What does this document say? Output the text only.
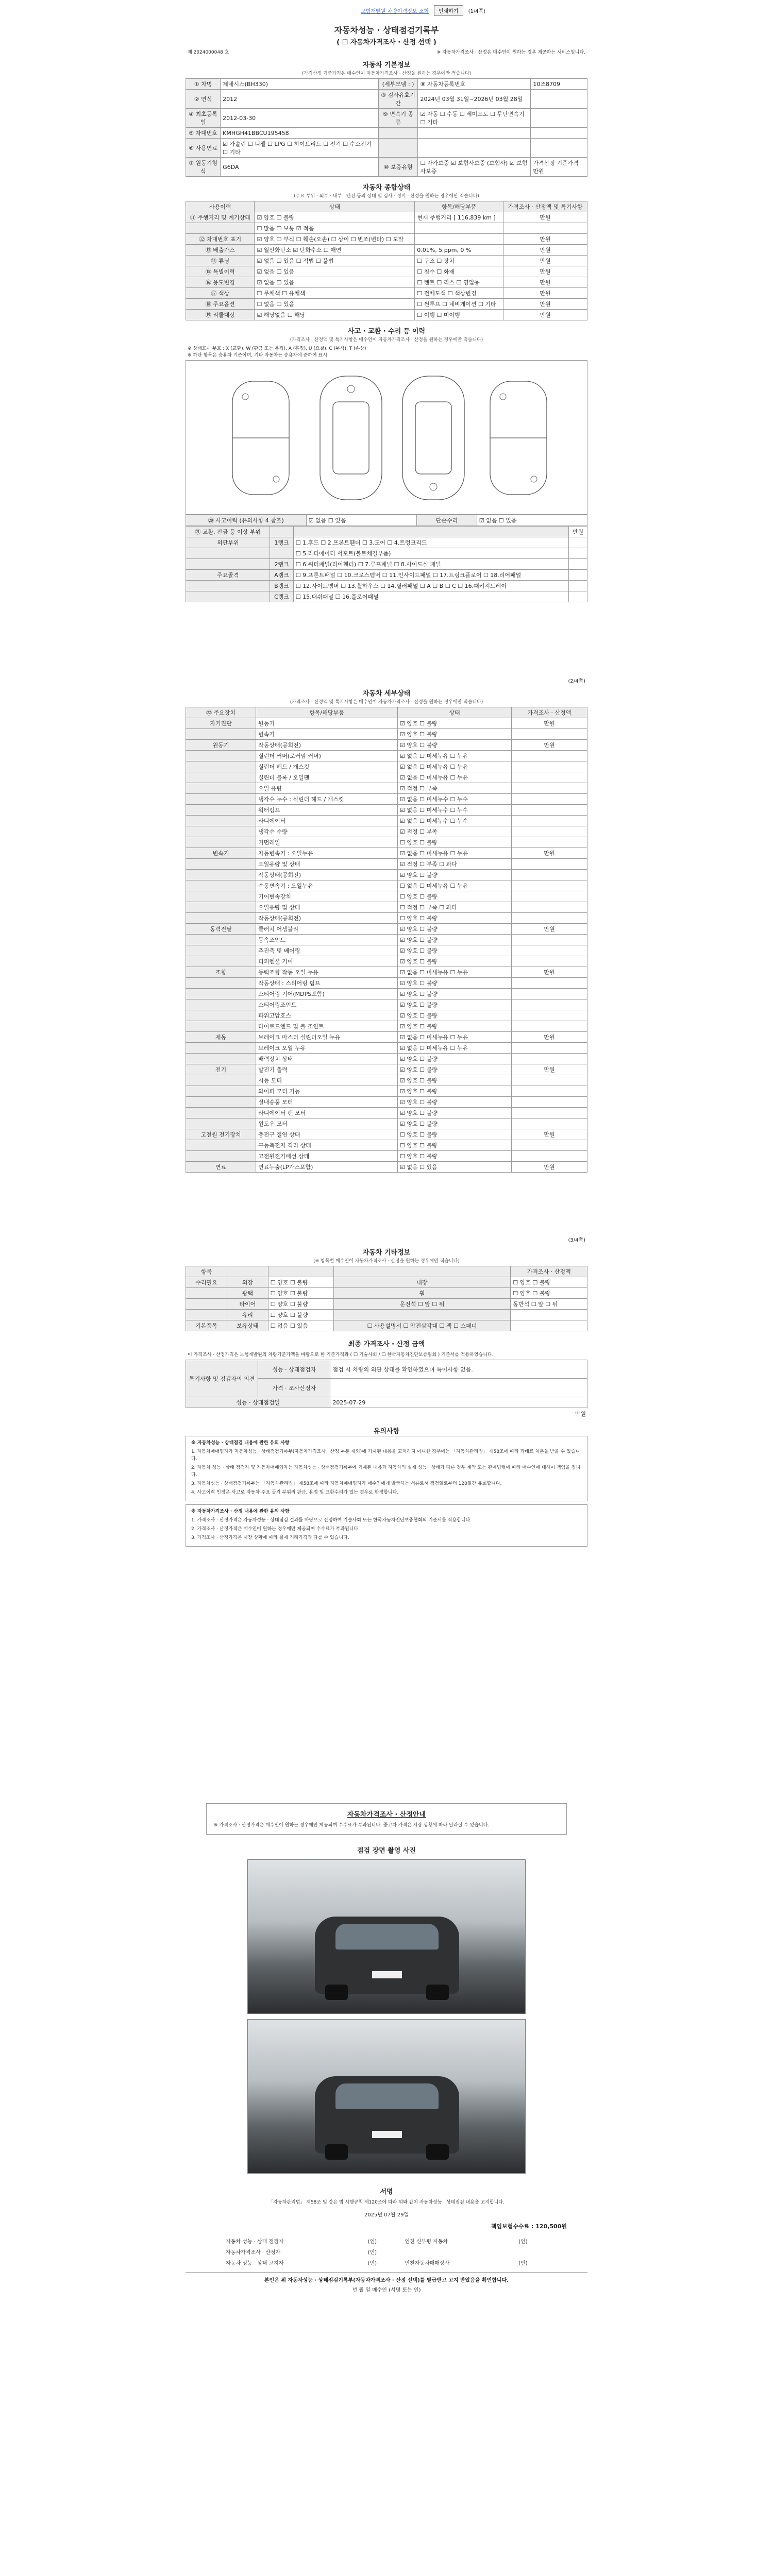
보험개발원 차량이력정보 조회	인쇄하기	(1/4쪽)
자동차성능 · 상태점검기록부
( ☐ 자동차가격조사 · 산정 선택 )
제 2024000048 호	※ 자동차가격조사 · 산정은 매수인이 원하는 경우 제공하는 서비스입니다.
자동차 기본정보
(가격산정 기준가격은 매수인이 자동차가격조사 · 산정을 원하는 경우에만 적습니다)
① 차명	제네시스(BH330)	(세부모델 : )	⑧ 자동차등록번호	10조8709
② 연식	2012	③ 검사유효기간	2024년 03월 31일~2026년 03월 28일	
④ 최초등록일	2012-03-30	⑨ 변속기 종류	☑ 자동 ☐ 수동 ☐ 세미오토 ☐ 무단변속기 ☐ 기타	
⑤ 차대번호	KMHGH41BBCU195458			
⑥ 사용연료	☑ 가솔린 ☐ 디젤 ☐ LPG ☐ 하이브리드 ☐ 전기 ☐ 수소전기 ☐ 기타			
⑦ 원동기형식	G6DA	⑩ 보증유형	☐ 자가보증 ☑ 보험사보증 (보험사) ☑ 보험사보증	가격산정 기준가격 만원
자동차 종합상태
(주요 부위 · 외부 · 내부 · 엔진 등의 상태 및 검사 · 정비 · 산정을 원하는 경우에만 적습니다)
사용이력	상태	항목/해당부품	가격조사 · 산정액 및 특기사항
⑪ 주행거리 및 계기상태	☑ 양호 ☐ 불량	현재 주행거리 [ 116,839 km ]	만원
	☐ 많음 ☐ 보통 ☑ 적음		
⑫ 차대번호 표기	☑ 양호 ☐ 부식 ☐ 훼손(오손) ☐ 상이 ☐ 변조(변타) ☐ 도말		만원
⑬ 배출가스	☑ 일산화탄소 ☑ 탄화수소 ☐ 매연	0.01%, 5 ppm, 0 %	만원
⑭ 튜닝	☑ 없음 ☐ 있음 ☐ 적법 ☐ 불법	☐ 구조 ☐ 장치	만원
⑮ 특별이력	☑ 없음 ☐ 있음	☐ 침수 ☐ 화재	만원
⑯ 용도변경	☑ 없음 ☐ 있음	☐ 렌트 ☐ 리스 ☐ 영업용	만원
⑰ 색상	☐ 무채색 ☐ 유채색	☐ 전체도색 ☐ 색상변경	만원
⑱ 주요옵션	☐ 없음 ☐ 있음	☐ 썬루프 ☐ 네비게이션 ☐ 기타	만원
⑲ 리콜대상	☑ 해당없음 ☐ 해당	☐ 이행 ☐ 미이행	만원
사고 · 교환 · 수리 등 이력
(가격조사 · 산정액 및 특기사항은 매수인이 자동차가격조사 · 산정을 원하는 경우에만 적습니다)
※ 상태표시 부호 : X (교환), W (판금 또는 용접), A (흠집), U (요철), C (부식), T (손상)
※ 하단 항목은 승용차 기준이며, 기타 자동차는 승용차에 준하여 표시
⑳ 사고이력 (유의사항 4 참조)	☑ 없음 ☐ 있음	단순수리	☑ 없음 ☐ 있음
㉑ 교환, 판금 등 이상 부위			만원
외판부위	1랭크	☐ 1.후드 ☐ 2.프론트휀더 ☐ 3.도어 ☐ 4.트렁크리드	
		☐ 5.라디에이터 서포트(볼트체결부품)	
	2랭크	☐ 6.쿼터패널(리어휀더) ☐ 7.루프패널 ☐ 8.사이드실 패널	
주요골격	A랭크	☐ 9.프론트패널 ☐ 10.크로스멤버 ☐ 11.인사이드패널 ☐ 17.트렁크플로어 ☐ 18.리어패널	
	B랭크	☐ 12.사이드멤버 ☐ 13.휠하우스 ☐ 14.필러패널 ☐ A ☐ B ☐ C ☐ 16.패키지트레이	
	C랭크	☐ 15.대쉬패널 ☐ 16.플로어패널	
(2/4쪽)
자동차 세부상태
(가격조사 · 산정액 및 특기사항은 매수인이 자동차가격조사 · 산정을 원하는 경우에만 적습니다)
㉒ 주요장치	항목/해당부품	상태	가격조사 · 산정액
자기진단	원동기	☑ 양호 ☐ 불량	만원
	변속기	☑ 양호 ☐ 불량	
원동기	작동상태(공회전)	☑ 양호 ☐ 불량	만원
	실린더 커버(로커암 커버)	☑ 없음 ☐ 미세누유 ☐ 누유	
	실린더 헤드 / 개스킷	☑ 없음 ☐ 미세누유 ☐ 누유	
	실린더 블록 / 오일팬	☑ 없음 ☐ 미세누유 ☐ 누유	
	오일 유량	☑ 적정 ☐ 부족	
	냉각수 누수 : 실린더 헤드 / 개스킷	☑ 없음 ☐ 미세누수 ☐ 누수	
	워터펌프	☑ 없음 ☐ 미세누수 ☐ 누수	
	라디에이터	☑ 없음 ☐ 미세누수 ☐ 누수	
	냉각수 수량	☑ 적정 ☐ 부족	
	커먼레일	☐ 양호 ☐ 불량	
변속기	자동변속기 : 오일누유	☑ 없음 ☐ 미세누유 ☐ 누유	만원
	오일유량 및 상태	☑ 적정 ☐ 부족 ☐ 과다	
	작동상태(공회전)	☑ 양호 ☐ 불량	
	수동변속기 : 오일누유	☐ 없음 ☐ 미세누유 ☐ 누유	
	기어변속장치	☐ 양호 ☐ 불량	
	오일유량 및 상태	☐ 적정 ☐ 부족 ☐ 과다	
	작동상태(공회전)	☐ 양호 ☐ 불량	
동력전달	클러치 어셈블리	☑ 양호 ☐ 불량	만원
	등속조인트	☑ 양호 ☐ 불량	
	추진축 및 베어링	☑ 양호 ☐ 불량	
	디퍼렌셜 기어	☑ 양호 ☐ 불량	
조향	동력조향 작동 오일 누유	☑ 없음 ☐ 미세누유 ☐ 누유	만원
	작동상태 : 스티어링 펌프	☑ 양호 ☐ 불량	
	스티어링 기어(MDPS포함)	☑ 양호 ☐ 불량	
	스티어링조인트	☑ 양호 ☐ 불량	
	파워고압호스	☑ 양호 ☐ 불량	
	타이로드엔드 및 볼 조인트	☑ 양호 ☐ 불량	
제동	브레이크 마스터 실린더오일 누유	☑ 없음 ☐ 미세누유 ☐ 누유	만원
	브레이크 오일 누유	☑ 없음 ☐ 미세누유 ☐ 누유	
	배력장치 상태	☑ 양호 ☐ 불량	
전기	발전기 출력	☑ 양호 ☐ 불량	만원
	시동 모터	☑ 양호 ☐ 불량	
	와이퍼 모터 기능	☑ 양호 ☐ 불량	
	실내송풍 모터	☑ 양호 ☐ 불량	
	라디에이터 팬 모터	☑ 양호 ☐ 불량	
	윈도우 모터	☑ 양호 ☐ 불량	
고전원 전기장치	충전구 절연 상태	☐ 양호 ☐ 불량	만원
	구동축전지 격리 상태	☐ 양호 ☐ 불량	
	고전원전기배선 상태	☐ 양호 ☐ 불량	
연료	연료누출(LP가스포함)	☑ 없음 ☐ 있음	만원
(3/4쪽)
자동차 기타정보
(※ 항목별 매수인이 자동차가격조사 · 산정을 원하는 경우에만 적습니다)
항목				가격조사 · 산정액
수리필요	외장	☐ 양호 ☐ 불량	내장	☐ 양호 ☐ 불량
	광택	☐ 양호 ☐ 불량	휠	☐ 양호 ☐ 불량
	타이어	☐ 양호 ☐ 불량	운전석 ☐ 앞 ☐ 뒤	동반석 ☐ 앞 ☐ 뒤
	유리	☐ 양호 ☐ 불량		
기본품목	보유상태	☐ 없음 ☐ 있음	☐ 사용설명서 ☐ 안전삼각대 ☐ 잭 ☐ 스패너	
최종 가격조사 · 산정 금액
이 가격조사 · 산정가격은 보험개발원의 차량기준가액을 바탕으로 한 기준가격과 ( ☐ 기술사회 / ☐ 한국자동차진단보증협회 ) 기준서를 적용하였습니다.
특기사항 및 점검자의 의견	성능 · 상태점검자	점검 시 차량의 외관 상태를 확인하였으며 특이사항 없음.
	가격 · 조사산정자	
성능 · 상태점검일		2025-07-29
만원
유의사항

※ 자동차성능 · 상태점검 내용에 관한 유의 사항

1. 자동차매매업자가 자동차성능 · 상태점검기록부(자동차가격조사 · 산정 부분 제외)에 기재된 내용을 고지하지 아니한 경우에는 「자동차관리법」 제58조에 따라 과태료 처분을 받을 수 있습니다.

2. 자동차 성능 · 상태 점검자 및 자동차매매업자는 자동차성능 · 상태점검기록부에 기재된 내용과 자동차의 실제 성능 · 상태가 다른 경우 계약 또는 관계법령에 따라 매수인에 대하여 책임을 집니다.

3. 자동차성능 · 상태점검기록부는 「자동차관리법」 제58조에 따라 자동차매매업자가 매수인에게 발급하는 서류로서 점검일로부터 120일간 유효합니다.

4. 사고이력 인정은 사고로 자동차 주요 골격 부위의 판금, 용접 및 교환수리가 있는 경우로 한정합니다.

※ 자동차가격조사 · 산정 내용에 관한 유의 사항

1. 가격조사 · 산정가격은 자동차성능 · 상태점검 결과를 바탕으로 산정하며 기술사회 또는 한국자동차진단보증협회의 기준서를 적용합니다.

2. 가격조사 · 산정가격은 매수인이 원하는 경우에만 제공되며 수수료가 부과됩니다.

3. 가격조사 · 산정가격은 시장 상황에 따라 실제 거래가격과 다를 수 있습니다.

자동차가격조사 · 산정안내
※ 가격조사 · 산정가격은 매수인이 원하는 경우에만 제공되며 수수료가 부과됩니다. 중고차 가격은 시장 상황에 따라 달라질 수 있습니다.
점검 장면 촬영 사진
서명
「자동차관리법」 제58조 및 같은 법 시행규칙 제120조에 따라 위와 같이 자동차성능 · 상태점검 내용을 고지합니다.
2025년 07월 29일
책임보험수수료 : 120,500원
자동차 성능 · 상태 점검자	(인)	인천 신부평 자동차	(인)
자동차가격조사 · 산정자	(인)		
자동차 성능 · 상태 고지자	(인)	인천자동차매매상사	(인)
본인은 위 자동차성능 · 상태점검기록부(자동차가격조사 · 산정 선택)를 발급받고 고지 받았음을 확인합니다.
년 월 일 매수인 (서명 또는 인)
